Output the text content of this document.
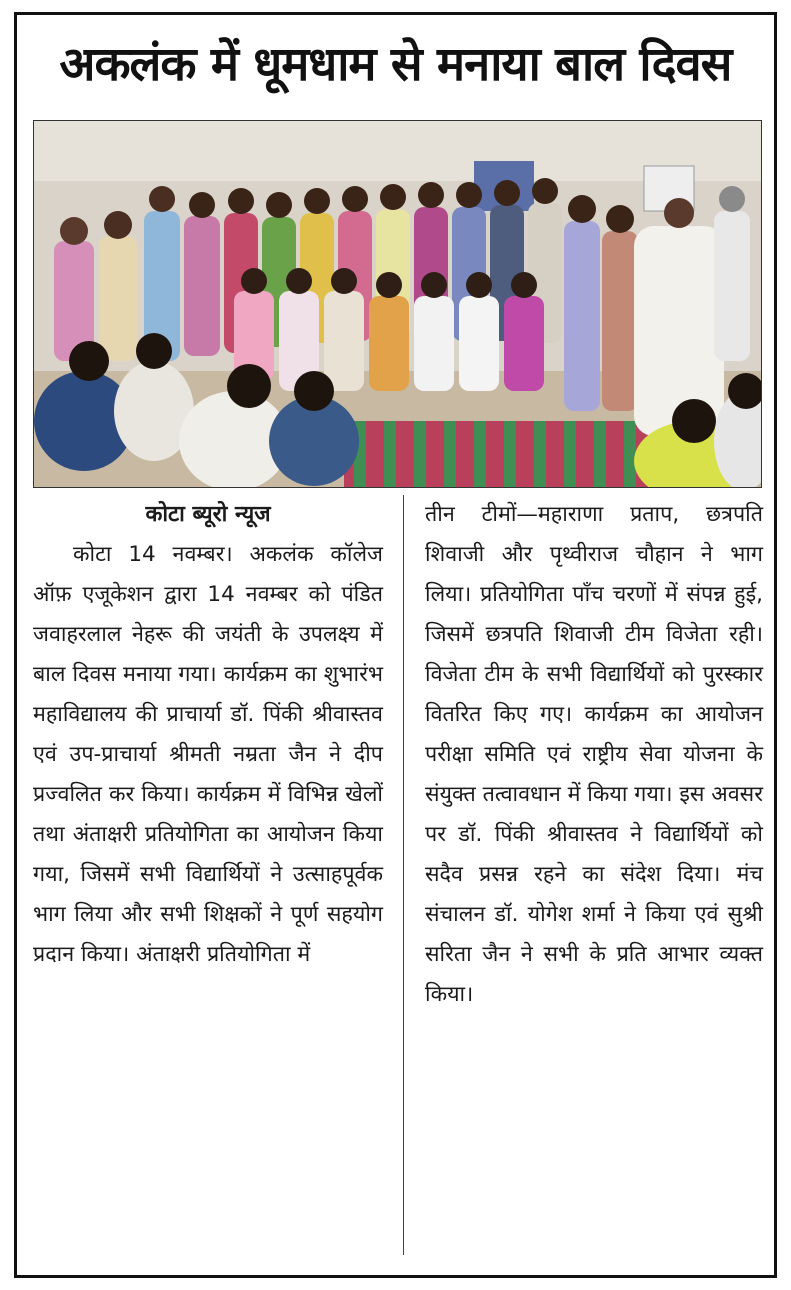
अकलंक में धूमधाम से मनाया बाल दिवस
कोटा ब्यूरो न्यूज
कोटा 14 नवम्बर। अकलंक कॉलेज ऑफ़ एजूकेशन द्वारा 14 नवम्बर को पंडित जवाहरलाल नेहरू की जयंती के उपलक्ष्य में बाल दिवस मनाया गया। कार्यक्रम का शुभारंभ महाविद्यालय की प्राचार्या डॉ. पिंकी श्रीवास्तव एवं उप-प्राचार्या श्रीमती नम्रता जैन ने दीप प्रज्वलित कर किया। कार्यक्रम में विभिन्न खेलों तथा अंताक्षरी प्रतियोगिता का आयोजन किया गया, जिसमें सभी विद्यार्थियों ने उत्साहपूर्वक भाग लिया और सभी शिक्षकों ने पूर्ण सहयोग प्रदान किया। अंताक्षरी प्रतियोगिता में
तीन टीमों—महाराणा प्रताप, छत्रपति शिवाजी और पृथ्वीराज चौहान ने भाग लिया। प्रतियोगिता पाँच चरणों में संपन्न हुई, जिसमें छत्रपति शिवाजी टीम विजेता रही। विजेता टीम के सभी विद्यार्थियों को पुरस्कार वितरित किए गए। कार्यक्रम का आयोजन परीक्षा समिति एवं राष्ट्रीय सेवा योजना के संयुक्त तत्वावधान में किया गया। इस अवसर पर डॉ. पिंकी श्रीवास्तव ने विद्यार्थियों को सदैव प्रसन्न रहने का संदेश दिया। मंच संचालन डॉ. योगेश शर्मा ने किया एवं सुश्री सरिता जैन ने सभी के प्रति आभार व्यक्त किया।
